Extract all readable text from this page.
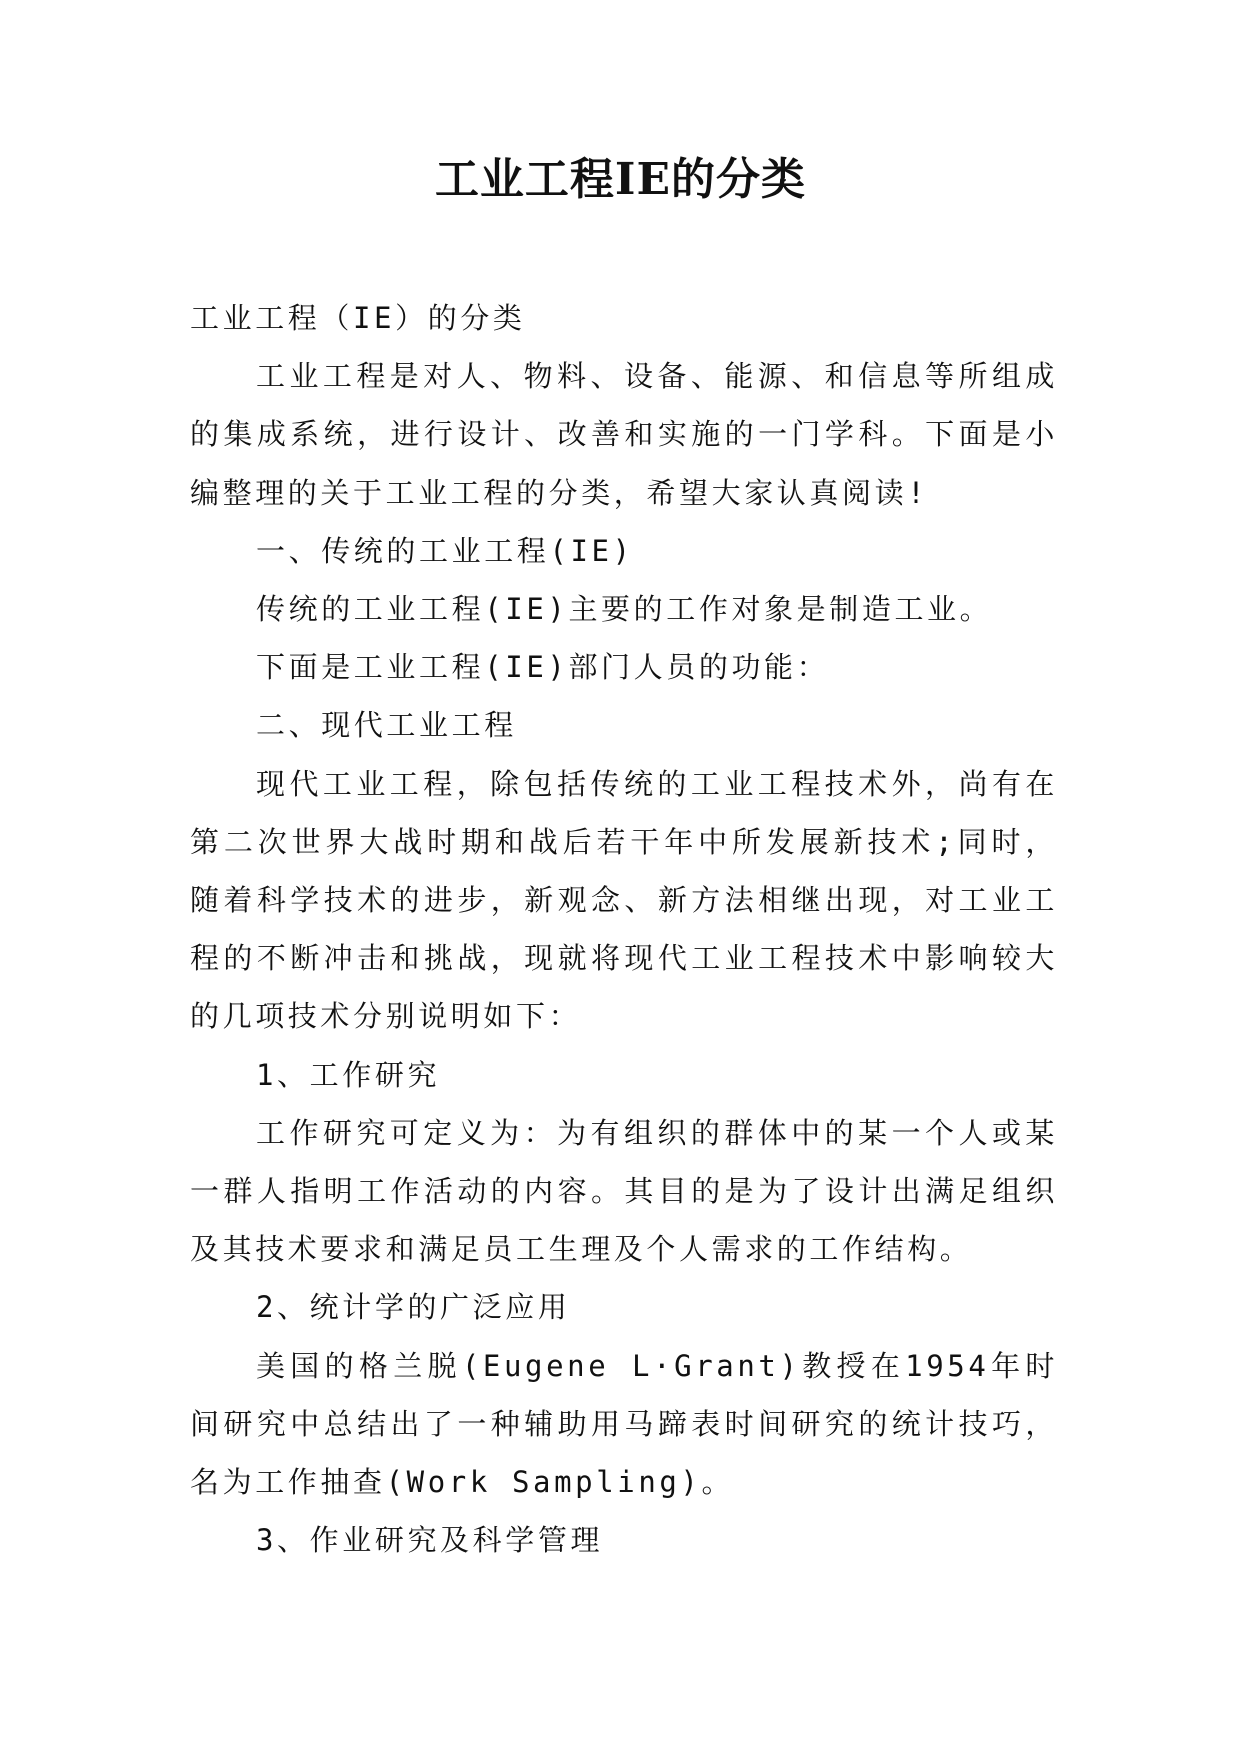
工业工程IE的分类

工业工程（IE）的分类

工业工程是对人、物料、设备、能源、和信息等所组成的集成系统，进行设计、改善和实施的一门学科。下面是小编整理的关于工业工程的分类，希望大家认真阅读!

一、传统的工业工程(IE)

传统的工业工程(IE)主要的工作对象是制造工业。

下面是工业工程(IE)部门人员的功能：

二、现代工业工程

现代工业工程，除包括传统的工业工程技术外，尚有在第二次世界大战时期和战后若干年中所发展新技术;同时，随着科学技术的进步，新观念、新方法相继出现，对工业工程的不断冲击和挑战，现就将现代工业工程技术中影响较大的几项技术分别说明如下：

1、工作研究

工作研究可定义为：为有组织的群体中的某一个人或某一群人指明工作活动的内容。其目的是为了设计出满足组织及其技术要求和满足员工生理及个人需求的工作结构。

2、统计学的广泛应用

美国的格兰脱(Eugene L·Grant)教授在1954年时间研究中总结出了一种辅助用马蹄表时间研究的统计技巧，名为工作抽查(Work Sampling)。

3、作业研究及科学管理
